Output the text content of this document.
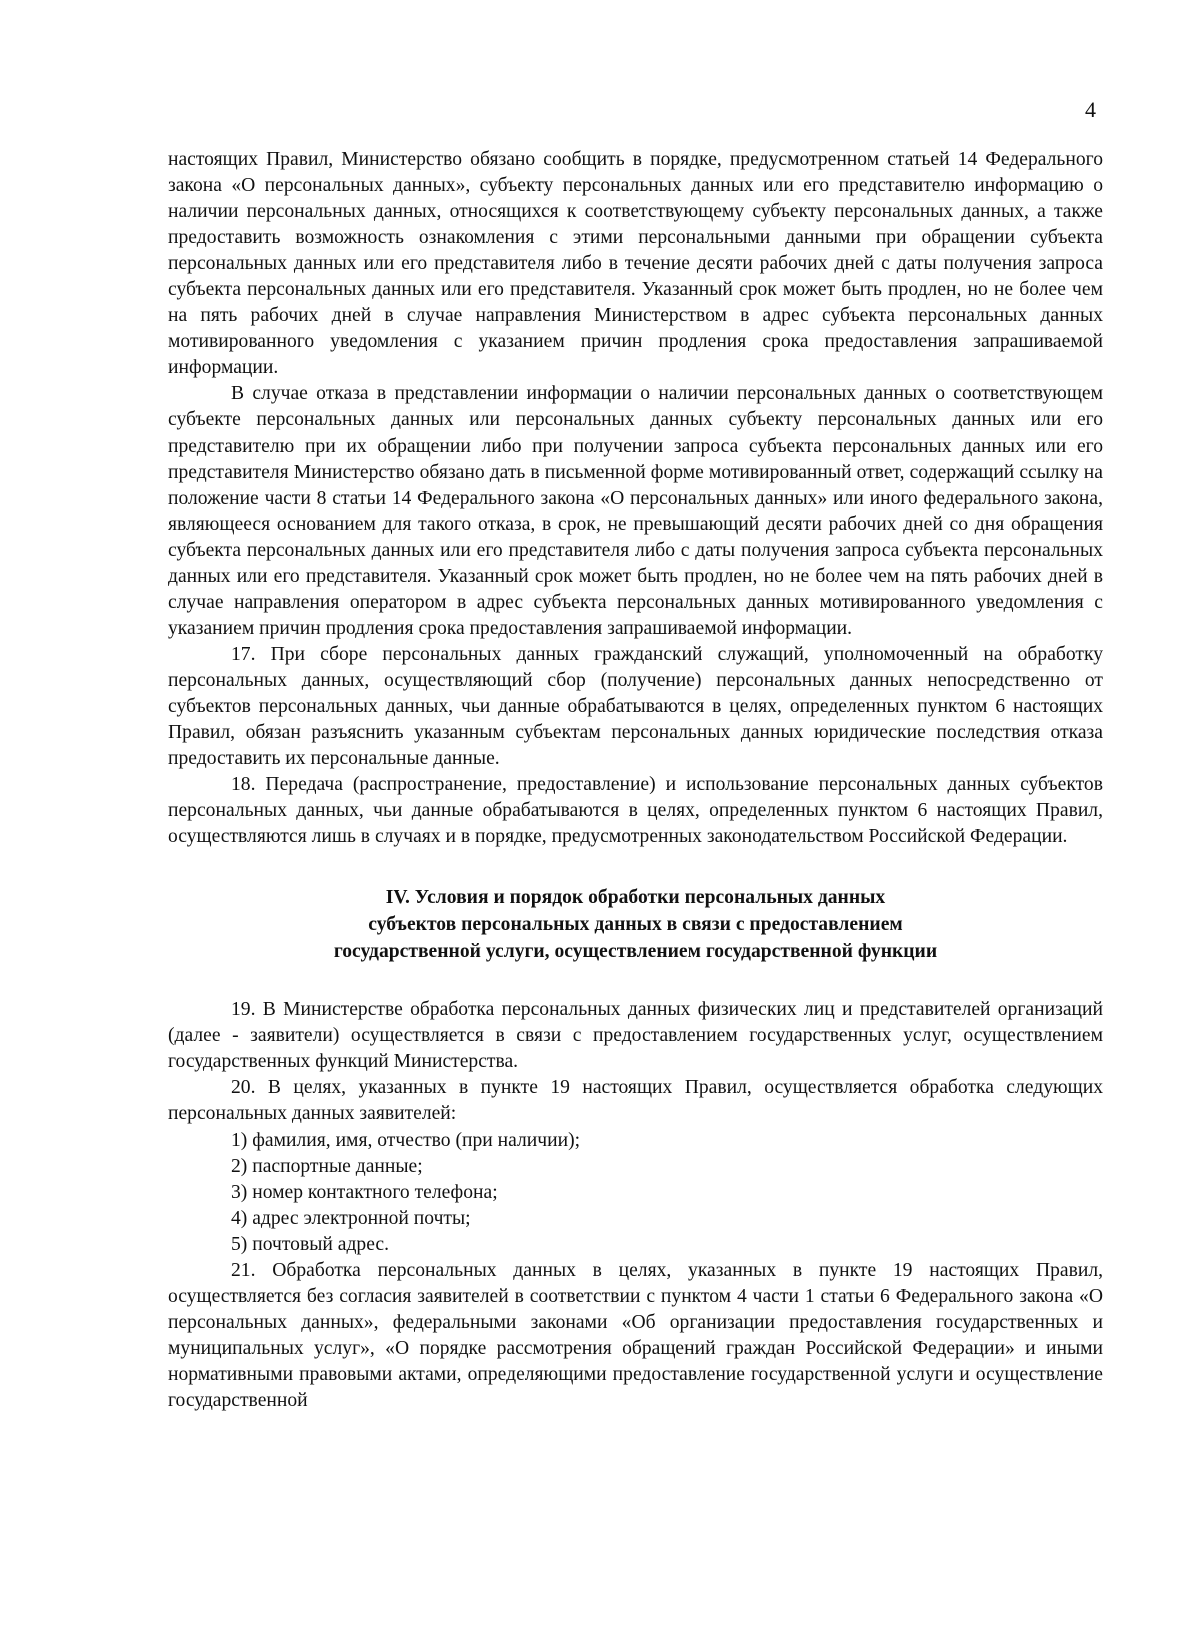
4

настоящих Правил, Министерство обязано сообщить в порядке, предусмотренном статьей 14 Федерального закона «О персональных данных», субъекту персональных данных или его представителю информацию о наличии персональных данных, относящихся к соответствующему субъекту персональных данных, а также предоставить возможность ознакомления с этими персональными данными при обращении субъекта персональных данных или его представителя либо в течение десяти рабочих дней с даты получения запроса субъекта персональных данных или его представителя. Указанный срок может быть продлен, но не более чем на пять рабочих дней в случае направления Министерством в адрес субъекта персональных данных мотивированного уведомления с указанием причин продления срока предоставления запрашиваемой информации.

В случае отказа в представлении информации о наличии персональных данных о соответствующем субъекте персональных данных или персональных данных субъекту персональных данных или его представителю при их обращении либо при получении запроса субъекта персональных данных или его представителя Министерство обязано дать в письменной форме мотивированный ответ, содержащий ссылку на положение части 8 статьи 14 Федерального закона «О персональных данных» или иного федерального закона, являющееся основанием для такого отказа, в срок, не превышающий десяти рабочих дней со дня обращения субъекта персональных данных или его представителя либо с даты получения запроса субъекта персональных данных или его представителя. Указанный срок может быть продлен, но не более чем на пять рабочих дней в случае направления оператором в адрес субъекта персональных данных мотивированного уведомления с указанием причин продления срока предоставления запрашиваемой информации.

17. При сборе персональных данных гражданский служащий, уполномоченный на обработку персональных данных, осуществляющий сбор (получение) персональных данных непосредственно от субъектов персональных данных, чьи данные обрабатываются в целях, определенных пунктом 6 настоящих Правил, обязан разъяснить указанным субъектам персональных данных юридические последствия отказа предоставить их персональные данные.

18. Передача (распространение, предоставление) и использование персональных данных субъектов персональных данных, чьи данные обрабатываются в целях, определенных пунктом 6 настоящих Правил, осуществляются лишь в случаях и в порядке, предусмотренных законодательством Российской Федерации.

IV. Условия и порядок обработки персональных данных
субъектов персональных данных в связи с предоставлением
государственной услуги, осуществлением государственной функции

19. В Министерстве обработка персональных данных физических лиц и представителей организаций (далее - заявители) осуществляется в связи с предоставлением государственных услуг, осуществлением государственных функций Министерства.

20. В целях, указанных в пункте 19 настоящих Правил, осуществляется обработка следующих персональных данных заявителей:

1) фамилия, имя, отчество (при наличии);

2) паспортные данные;

3) номер контактного телефона;

4) адрес электронной почты;

5) почтовый адрес.

21. Обработка персональных данных в целях, указанных в пункте 19 настоящих Правил, осуществляется без согласия заявителей в соответствии с пунктом 4 части 1 статьи 6 Федерального закона «О персональных данных», федеральными законами «Об организации предоставления государственных и муниципальных услуг», «О порядке рассмотрения обращений граждан Российской Федерации» и иными нормативными правовыми актами, определяющими предоставление государственной услуги и осуществление государственной
